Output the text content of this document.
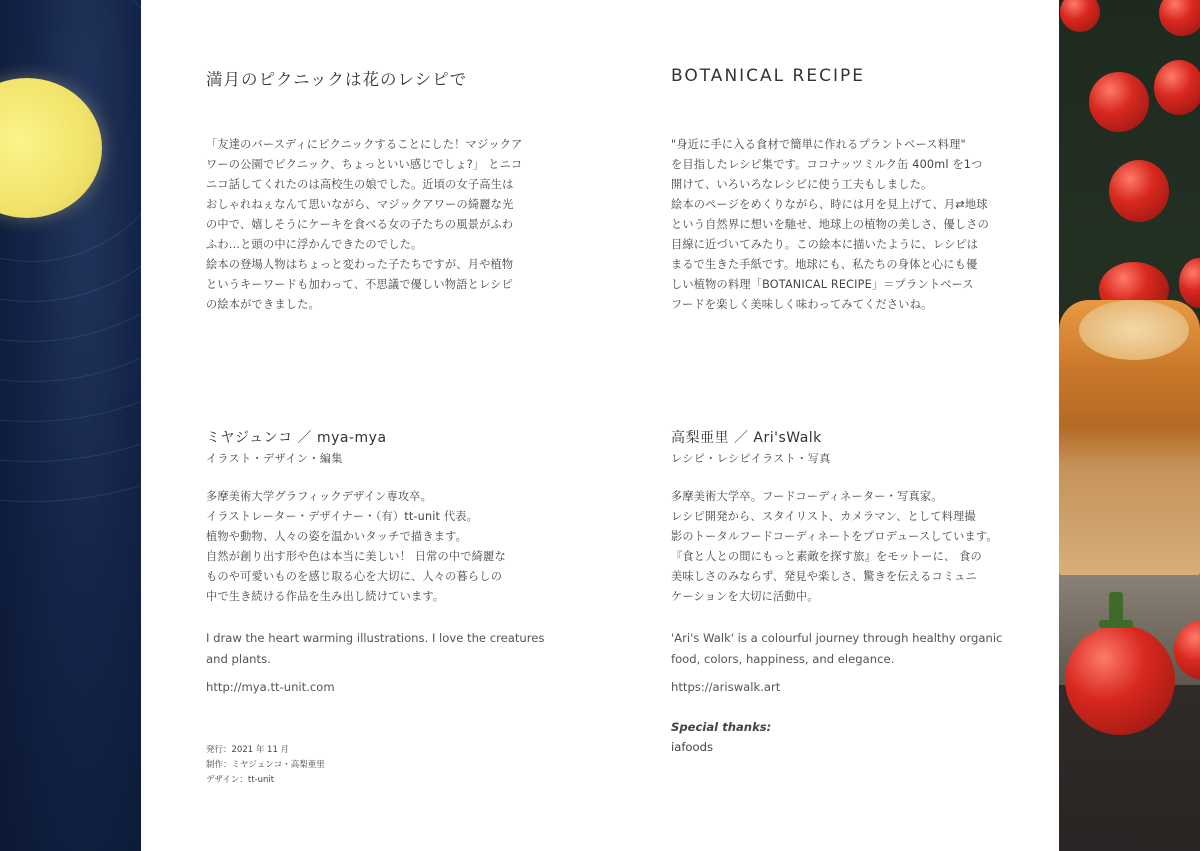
満月のピクニックは花のレシピで
「友達のバースディにピクニックすることにした！マジックア
ワーの公園でピクニック、ちょっといい感じでしょ?」 とニコ
ニコ話してくれたのは高校生の娘でした。近頃の女子高生は
おしゃれねぇなんて思いながら、マジックアワーの綺麗な光
の中で、嬉しそうにケーキを食べる女の子たちの風景がふわ
ふわ…と頭の中に浮かんできたのでした。
絵本の登場人物はちょっと変わった子たちですが、月や植物
というキーワードも加わって、不思議で優しい物語とレシピ
の絵本ができました。
ミヤジュンコ ／ mya-mya
イラスト・デザイン・編集
多摩美術大学グラフィックデザイン専攻卒。
イラストレーター・デザイナー・（有）tt-unit 代表。
植物や動物、人々の姿を温かいタッチで描きます。
自然が創り出す形や色は本当に美しい！ 日常の中で綺麗な
ものや可愛いものを感じ取る心を大切に、人々の暮らしの
中で生き続ける作品を生み出し続けています。
I draw the heart warming illustrations. I love the creatures
and plants.
http://mya.tt-unit.com
発行：2021 年 11 月
制作：ミヤジュンコ・高梨亜里
デザイン：tt-unit
BOTANICAL RECIPE
"身近に手に入る食材で簡単に作れるプラントベース料理"
を目指したレシピ集です。ココナッツミルク缶 400ml を1つ
開けて、いろいろなレシピに使う工夫もしました。
絵本のページをめくりながら、時には月を見上げて、月⇄地球
という自然界に想いを馳せ、地球上の植物の美しさ、優しさの
目線に近づいてみたり。この絵本に描いたように、レシピは
まるで生きた手紙です。地球にも、私たちの身体と心にも優
しい植物の料理「BOTANICAL RECIPE」＝プラントベース
フードを楽しく美味しく味わってみてくださいね。
高梨亜里 ／ Ari'sWalk
レシピ・レシピイラスト・写真
多摩美術大学卒。フードコーディネーター・写真家。
レシピ開発から、スタイリスト、カメラマン、として料理撮
影のトータルフードコーディネートをプロデュースしています。
『食と人との間にもっと素敵を探す旅』をモットーに、 食の
美味しさのみならず、発見や楽しさ、驚きを伝えるコミュニ
ケーションを大切に活動中。
'Ari's Walk' is a colourful journey through healthy organic
food, colors, happiness, and elegance.
https://ariswalk.art
Special thanks:
iafoods
